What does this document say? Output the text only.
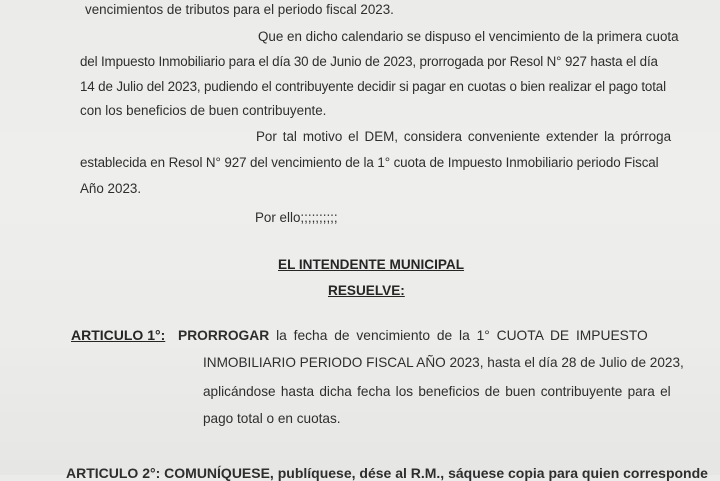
vencimientos de tributos para el periodo fiscal 2023.
Que en dicho calendario se dispuso el vencimiento de la primera cuota
del Impuesto Inmobiliario para el día 30 de Junio de 2023, prorrogada por Resol N° 927 hasta el día
14 de Julio del 2023, pudiendo el contribuyente decidir si pagar en cuotas o bien realizar el pago total
con los beneficios de buen contribuyente.
Por tal motivo el DEM, considera conveniente extender la prórroga
establecida en Resol N° 927 del vencimiento de la 1° cuota de Impuesto Inmobiliario periodo Fiscal
Año 2023.
Por ello;;;;;;;;;;
EL INTENDENTE MUNICIPAL
RESUELVE:
ARTICULO 1°: PRORROGAR la fecha de vencimiento de la 1° CUOTA DE IMPUESTO
INMOBILIARIO PERIODO FISCAL AÑO 2023, hasta el día 28 de Julio de 2023,
aplicándose hasta dicha fecha los beneficios de buen contribuyente para el
pago total o en cuotas.
ARTICULO 2°: COMUNÍQUESE, publíquese, dése al R.M., sáquese copia para quien corresponde
